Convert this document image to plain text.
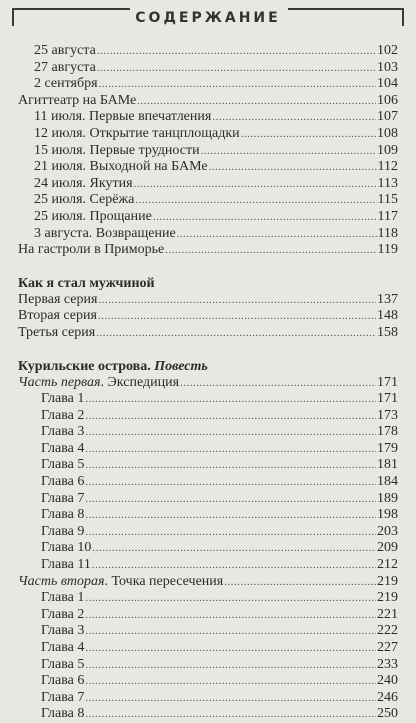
СОДЕРЖАНИЕ
25 августа .....	102
27 августа .....	103
2 сентября .....	104
Агиттеатр на БАМе .....	106
11 июля. Первые впечатления .....	107
12 июля. Открытие танцплощадки .....	108
15 июля. Первые трудности .....	109
21 июля. Выходной на БАМе .....	112
24 июля. Якутия .....	113
25 июля. Серёжа .....	115
25 июля. Прощание .....	117
3 августа. Возвращение .....	118
На гастроли в Приморье .....	119
Как я стал мужчиной
Первая серия .....	137
Вторая серия .....	148
Третья серия .....	158
Курильские острова. Повесть
Часть первая. Экспедиция .....	171
Глава 1 .....	171
Глава 2 .....	173
Глава 3 .....	178
Глава 4 .....	179
Глава 5 .....	181
Глава 6 .....	184
Глава 7 .....	189
Глава 8 .....	198
Глава 9 .....	203
Глава 10 .....	209
Глава 11 .....	212
Часть вторая. Точка пересечения .....	219
Глава 1 .....	219
Глава 2 .....	221
Глава 3 .....	222
Глава 4 .....	227
Глава 5 .....	233
Глава 6 .....	240
Глава 7 .....	246
Глава 8 .....	250
